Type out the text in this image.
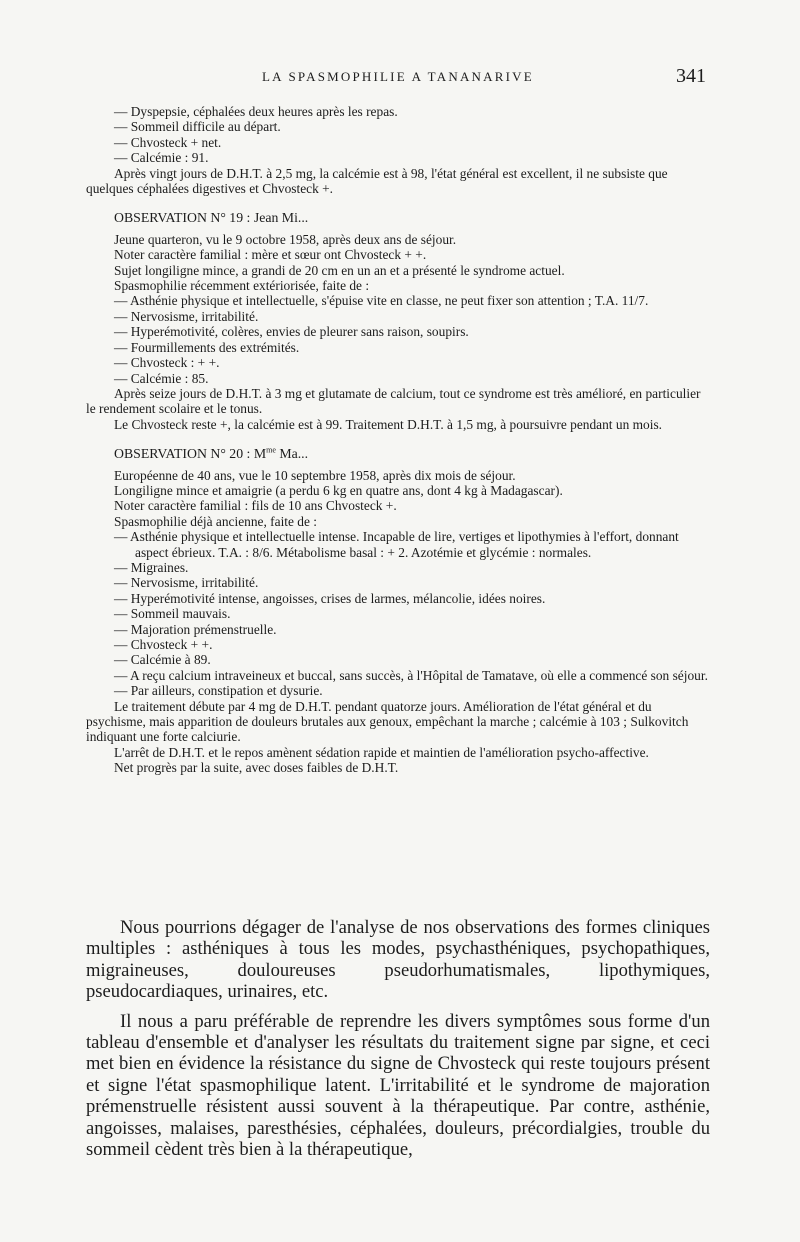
LA SPASMOPHILIE A TANANARIVE	341

— Dyspepsie, céphalées deux heures après les repas.

— Sommeil difficile au départ.

— Chvosteck + net.

— Calcémie : 91.

Après vingt jours de D.H.T. à 2,5 mg, la calcémie est à 98, l'état général est excellent, il ne subsiste que quelques céphalées digestives et Chvosteck +.

OBSERVATION N° 19 : Jean Mi...

Jeune quarteron, vu le 9 octobre 1958, après deux ans de séjour.

Noter caractère familial : mère et sœur ont Chvosteck + +.

Sujet longiligne mince, a grandi de 20 cm en un an et a présenté le syndrome actuel.

Spasmophilie récemment extériorisée, faite de :

— Asthénie physique et intellectuelle, s'épuise vite en classe, ne peut fixer son attention ; T.A. 11/7.

— Nervosisme, irritabilité.

— Hyperémotivité, colères, envies de pleurer sans raison, soupirs.

— Fourmillements des extrémités.

— Chvosteck : + +.

— Calcémie : 85.

Après seize jours de D.H.T. à 3 mg et glutamate de calcium, tout ce syndrome est très amélioré, en particulier le rendement scolaire et le tonus.

Le Chvosteck reste +, la calcémie est à 99. Traitement D.H.T. à 1,5 mg, à poursuivre pendant un mois.

OBSERVATION N° 20 : $M^{me}$ Ma...

Européenne de 40 ans, vue le 10 septembre 1958, après dix mois de séjour.

Longiligne mince et amaigrie (a perdu 6 kg en quatre ans, dont 4 kg à Madagascar).

Noter caractère familial : fils de 10 ans Chvosteck +.

Spasmophilie déjà ancienne, faite de :

— Asthénie physique et intellectuelle intense. Incapable de lire, vertiges et lipothymies à l'effort, donnant aspect ébrieux. T.A. : 8/6. Métabolisme basal : + 2. Azotémie et glycémie : normales.

— Migraines.

— Nervosisme, irritabilité.

— Hyperémotivité intense, angoisses, crises de larmes, mélancolie, idées noires.

— Sommeil mauvais.

— Majoration prémenstruelle.

— Chvosteck + +.

— Calcémie à 89.

— A reçu calcium intraveineux et buccal, sans succès, à l'Hôpital de Tamatave, où elle a commencé son séjour.

— Par ailleurs, constipation et dysurie.

Le traitement débute par 4 mg de D.H.T. pendant quatorze jours. Amélioration de l'état général et du psychisme, mais apparition de douleurs brutales aux genoux, empêchant la marche ; calcémie à 103 ; Sulkovitch indiquant une forte calciurie.

L'arrêt de D.H.T. et le repos amènent sédation rapide et maintien de l'amélioration psycho-affective.

Net progrès par la suite, avec doses faibles de D.H.T.

Nous pourrions dégager de l'analyse de nos observations des formes cliniques multiples : asthéniques à tous les modes, psychasthéniques, psychopathiques, migraineuses, douloureuses pseudorhumatismales, lipothymiques, pseudocardiaques, urinaires, etc.

Il nous a paru préférable de reprendre les divers symptômes sous forme d'un tableau d'ensemble et d'analyser les résultats du traitement signe par signe, et ceci met bien en évidence la résistance du signe de Chvosteck qui reste toujours présent et signe l'état spasmophilique latent. L'irritabilité et le syndrome de majoration prémenstruelle résistent aussi souvent à la thérapeutique. Par contre, asthénie, angoisses, malaises, paresthésies, céphalées, douleurs, précordialgies, trouble du sommeil cèdent très bien à la thérapeutique,
